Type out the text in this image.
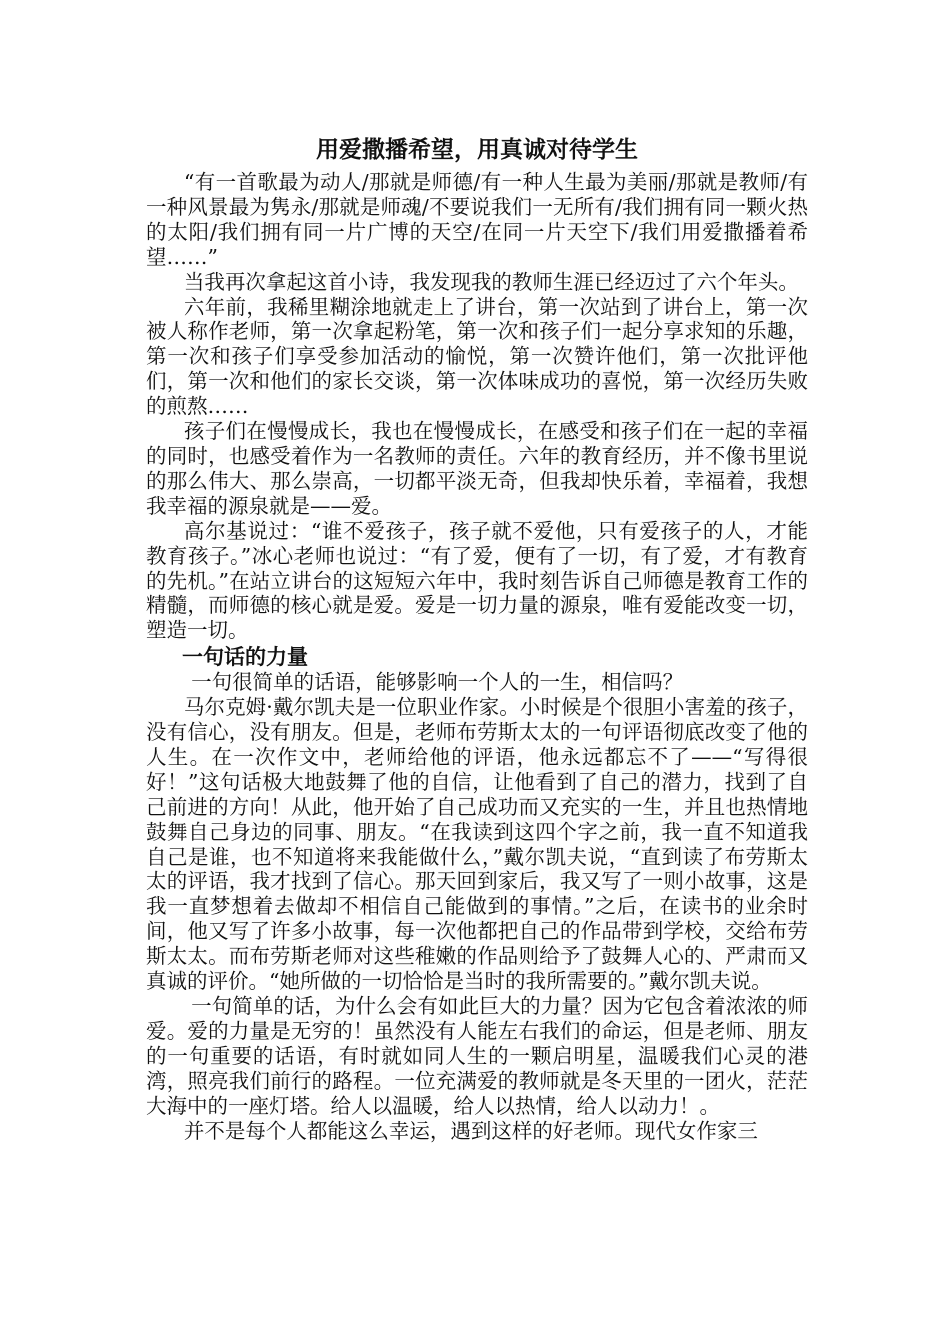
用爱撒播希望，用真诚对待学生

“有一首歌最为动人/那就是师德/有一种人生最为美丽/那就是教师/有一种风景最为隽永/那就是师魂/不要说我们一无所有/我们拥有同一颗火热的太阳/我们拥有同一片广博的天空/在同一片天空下/我们用爱撒播着希望……”

当我再次拿起这首小诗，我发现我的教师生涯已经迈过了六个年头。

六年前，我稀里糊涂地就走上了讲台，第一次站到了讲台上，第一次被人称作老师，第一次拿起粉笔，第一次和孩子们一起分享求知的乐趣，第一次和孩子们享受参加活动的愉悦，第一次赞许他们，第一次批评他们，第一次和他们的家长交谈，第一次体味成功的喜悦，第一次经历失败的煎熬……

孩子们在慢慢成长，我也在慢慢成长，在感受和孩子们在一起的幸福的同时，也感受着作为一名教师的责任。六年的教育经历，并不像书里说的那么伟大、那么崇高，一切都平淡无奇，但我却快乐着，幸福着，我想我幸福的源泉就是——爱。

高尔基说过：“谁不爱孩子，孩子就不爱他，只有爱孩子的人，才能教育孩子。”冰心老师也说过：“有了爱，便有了一切，有了爱，才有教育的先机。”在站立讲台的这短短六年中，我时刻告诉自己师德是教育工作的精髓，而师德的核心就是爱。爱是一切力量的源泉，唯有爱能改变一切，塑造一切。

一句话的力量

一句很简单的话语，能够影响一个人的一生，相信吗？

马尔克姆·戴尔凯夫是一位职业作家。小时候是个很胆小害羞的孩子，没有信心，没有朋友。但是，老师布劳斯太太的一句评语彻底改变了他的人生。在一次作文中，老师给他的评语，他永远都忘不了——“写得很好！”这句话极大地鼓舞了他的自信，让他看到了自己的潜力，找到了自己前进的方向！从此，他开始了自己成功而又充实的一生，并且也热情地鼓舞自己身边的同事、朋友。“在我读到这四个字之前，我一直不知道我自己是谁，也不知道将来我能做什么，”戴尔凯夫说，“直到读了布劳斯太太的评语，我才找到了信心。那天回到家后，我又写了一则小故事，这是我一直梦想着去做却不相信自己能做到的事情。”之后，在读书的业余时间，他又写了许多小故事，每一次他都把自己的作品带到学校，交给布劳斯太太。而布劳斯老师对这些稚嫩的作品则给予了鼓舞人心的、严肃而又真诚的评价。“她所做的一切恰恰是当时的我所需要的。”戴尔凯夫说。

一句简单的话，为什么会有如此巨大的力量？因为它包含着浓浓的师爱。爱的力量是无穷的！虽然没有人能左右我们的命运，但是老师、朋友的一句重要的话语，有时就如同人生的一颗启明星，温暖我们心灵的港湾，照亮我们前行的路程。一位充满爱的教师就是冬天里的一团火，茫茫大海中的一座灯塔。给人以温暖，给人以热情，给人以动力！。

并不是每个人都能这么幸运，遇到这样的好老师。现代女作家三
